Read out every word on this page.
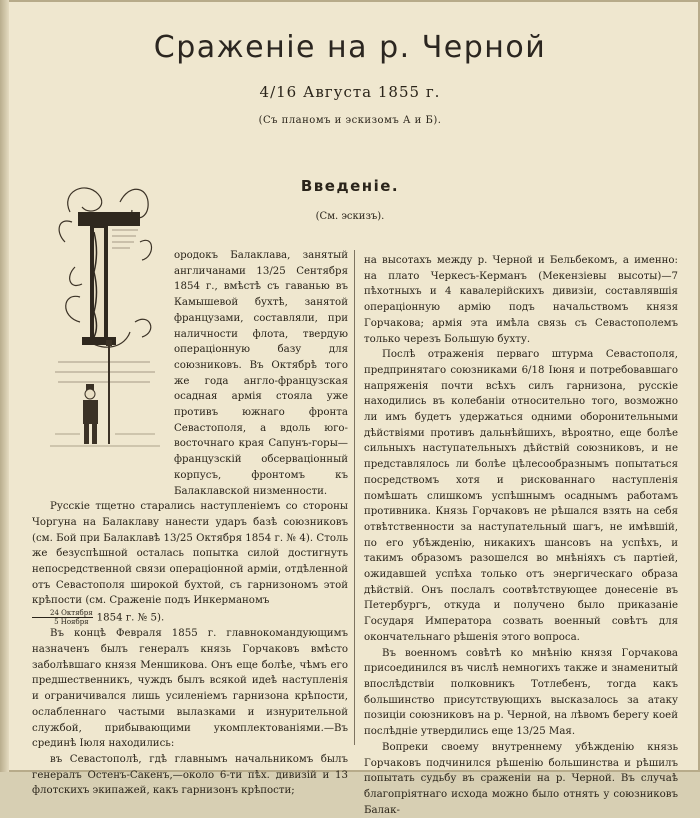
Сраженіе на р. Черной
4/16 Августа 1855 г.
(Съ планомъ и эскизомъ А и Б).
Введеніе.
(См. эскизъ).

ородокъ Балаклава, занятый англичанами 13/25 Сентября 1854 г., вмѣстѣ съ гаванью въ Камышевой бухтѣ, занятой французами, составляли, при наличности флота, твердую операціонную базу для союзниковъ. Въ Октябрѣ того же года англо-французская осадная армія стояла уже противъ южнаго фронта Севастополя, а вдоль юго-восточнаго края Сапунъ-горы—французскій обсерваціонный корпусъ, фронтомъ къ Балаклавской низменности.

Русскіе тщетно старались наступленіемъ со стороны Чоргуна на Балаклаву нанести ударъ базѣ союзниковъ (см. Бой при Балаклавѣ 13/25 Октября 1854 г. № 4). Столь же безуспѣшной осталась попытка силой достигнуть непосредственной связи операціонной арміи, отдѣленной отъ Севастополя широкой бухтой, съ гарнизономъ этой крѣпости (см. Сраженіе подъ Инкерманомъ

$\frac{\text{24 Октября}}{\text{5 Ноября}} 1854$ г. № 5).

Въ концѣ Февраля 1855 г. главнокомандующимъ назначенъ былъ генералъ князь Горчаковъ вмѣсто заболѣвшаго князя Меншикова. Онъ еще болѣе, чѣмъ его предшественникъ, чуждъ былъ всякой идеѣ наступленія и ограничивался лишь усиленіемъ гарнизона крѣпости, ослабленнаго частыми вылазками и изнурительной службой, прибывающими укомплектованіями.—Въ срединѣ Іюля находились:

въ Севастополѣ, гдѣ главнымъ начальникомъ былъ генералъ Остенъ-Сакенъ,—около 6-ти пѣх. дивизій и 13 флотскихъ экипажей, какъ гарнизонъ крѣпости;

на высотахъ между р. Черной и Бельбекомъ, а именно: на плато Черкесъ-Керманъ (Мекензіевы высоты)—7 пѣхотныхъ и 4 кавалерійскихъ дивизіи, составлявшія операціонную армію подъ начальствомъ князя Горчакова; армія эта имѣла связь съ Севастополемъ только черезъ Большую бухту.

Послѣ отраженія перваго штурма Севастополя, предпринятаго союзниками 6/18 Іюня и потребовавшаго напряженія почти всѣхъ силъ гарнизона, русскіе находились въ колебаніи относительно того, возможно ли имъ будетъ удержаться одними оборонительными дѣйствіями противъ дальнѣйшихъ, вѣроятно, еще болѣе сильныхъ наступательныхъ дѣйствій союзниковъ, и не представлялось ли болѣе цѣлесообразнымъ попытаться посредствомъ хотя и рискованнаго наступленія помѣшать слишкомъ успѣшнымъ осаднымъ работамъ противника. Князь Горчаковъ не рѣшался взять на себя отвѣтственности за наступательный шагъ, не имѣвшій, по его убѣжденію, никакихъ шансовъ на успѣхъ, и такимъ образомъ разошелся во мнѣніяхъ съ партіей, ожидавшей успѣха только отъ энергическаго образа дѣйствій. Онъ послалъ соотвѣтствующее донесеніе въ Петербургъ, откуда и получено было приказаніе Государя Императора созвать военный совѣтъ для окончательнаго рѣшенія этого вопроса.

Въ военномъ совѣтѣ ко мнѣнію князя Горчакова присоединился въ числѣ немногихъ также и знаменитый впослѣдствіи полковникъ Тотлебенъ, тогда какъ большинство присутствующихъ высказалось за атаку позиціи союзниковъ на р. Черной, на лѣвомъ берегу коей послѣдніе утвердились еще 13/25 Мая.

Вопреки своему внутреннему убѣжденію князь Горчаковъ подчинился рѣшенію большинства и рѣшилъ попытать судьбу въ сраженіи на р. Черной. Въ случаѣ благопріятнаго исхода можно было отнять у союзниковъ Балак-
